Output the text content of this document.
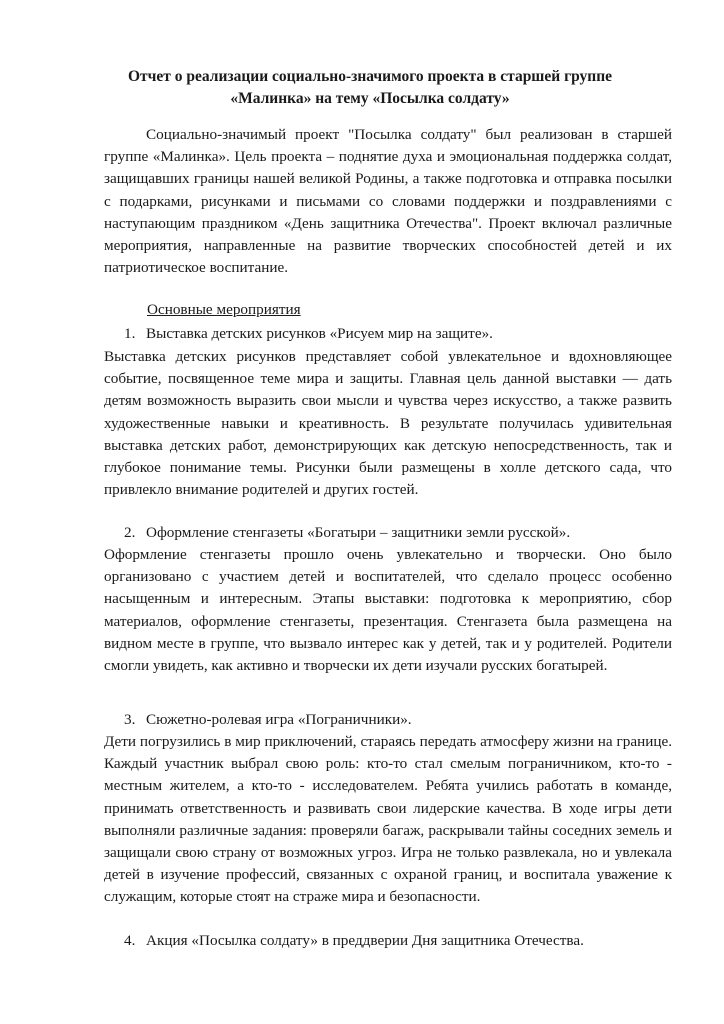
Отчет о реализации социально-значимого проекта в старшей группе
«Малинка» на тему «Посылка солдату»

Социально-значимый проект "Посылка солдату" был реализован в старшей группе «Малинка». Цель проекта – поднятие духа и эмоциональная поддержка солдат, защищавших границы нашей великой Родины, а также подготовка и отправка посылки с подарками, рисунками и письмами со словами поддержки и поздравлениями с наступающим праздником «День защитника Отечества". Проект включал различные мероприятия, направленные на развитие творческих способностей детей и их патриотическое воспитание.

Основные мероприятия
1. Выставка детских рисунков «Рисуем мир на защите».

Выставка детских рисунков представляет собой увлекательное и вдохновляющее событие, посвященное теме мира и защиты. Главная цель данной выставки — дать детям возможность выразить свои мысли и чувства через искусство, а также развить художественные навыки и креативность. В результате получилась удивительная выставка детских работ, демонстрирующих как детскую непосредственность, так и глубокое понимание темы. Рисунки были размещены в холле детского сада, что привлекло внимание родителей и других гостей.

2. Оформление стенгазеты «Богатыри – защитники земли русской».

Оформление стенгазеты прошло очень увлекательно и творчески. Оно было организовано с участием детей и воспитателей, что сделало процесс особенно насыщенным и интересным. Этапы выставки: подготовка к мероприятию, сбор материалов, оформление стенгазеты, презентация. Стенгазета была размещена на видном месте в группе, что вызвало интерес как у детей, так и у родителей. Родители смогли увидеть, как активно и творчески их дети изучали русских богатырей.

3. Сюжетно-ролевая игра «Пограничники».

Дети погрузились в мир приключений, стараясь передать атмосферу жизни на границе. Каждый участник выбрал свою роль: кто-то стал смелым пограничником, кто-то - местным жителем, а кто-то - исследователем. Ребята учились работать в команде, принимать ответственность и развивать свои лидерские качества. В ходе игры дети выполняли различные задания: проверяли багаж, раскрывали тайны соседних земель и защищали свою страну от возможных угроз. Игра не только развлекала, но и увлекала детей в изучение профессий, связанных с охраной границ, и воспитала уважение к служащим, которые стоят на страже мира и безопасности.

4. Акция «Посылка солдату» в преддверии Дня защитника Отечества.
